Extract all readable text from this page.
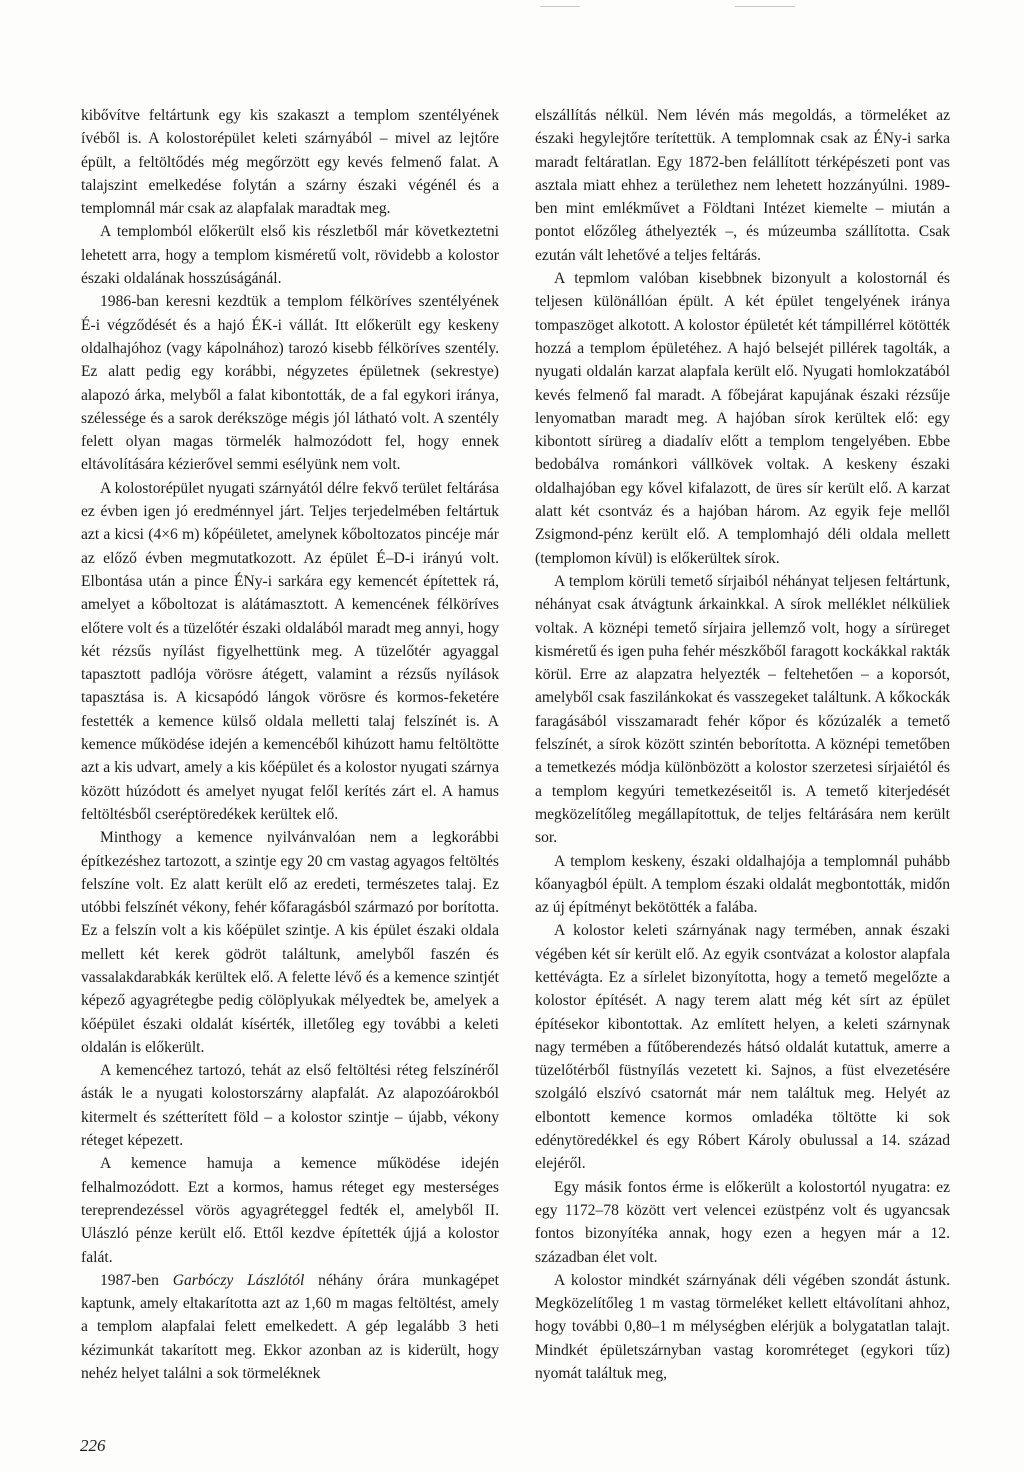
kibővítve feltártunk egy kis szakaszt a templom szentélyének ívéből is. A kolostorépület keleti szárnyából – mivel az lejtőre épült, a feltöltődés még megőrzött egy kevés felmenő falat. A talajszint emelkedése folytán a szárny északi végénél és a templomnál már csak az alapfalak maradtak meg.

A templomból előkerült első kis részletből már következtetni lehetett arra, hogy a templom kisméretű volt, rövidebb a kolostor északi oldalának hosszúságánál.

1986-ban keresni kezdtük a templom félköríves szentélyének É-i végződését és a hajó ÉK-i vállát. Itt előkerült egy keskeny oldalhajóhoz (vagy kápolnához) tarozó kisebb félköríves szentély. Ez alatt pedig egy korábbi, négyzetes épületnek (sekrestye) alapozó árka, melyből a falat kibontották, de a fal egykori iránya, szélessége és a sarok derékszöge mégis jól látható volt. A szentély felett olyan magas törmelék halmozódott fel, hogy ennek eltávolítására kézierővel semmi esélyünk nem volt.

A kolostorépület nyugati szárnyától délre fekvő terület feltárása ez évben igen jó eredménnyel járt. Teljes terjedelmében feltártuk azt a kicsi (4×6 m) kőpéületet, amelynek kőboltozatos pincéje már az előző évben megmutatkozott. Az épület É–D-i irányú volt. Elbontása után a pince ÉNy-i sarkára egy kemencét építettek rá, amelyet a kőboltozat is alátámasztott. A kemencének félköríves előtere volt és a tüzelőtér északi oldalából maradt meg annyi, hogy két rézsűs nyílást figyelhettünk meg. A tüzelőtér agyaggal tapasztott padlója vörösre átégett, valamint a rézsűs nyílások tapasztása is. A kicsapódó lángok vörösre és kormos-feketére festették a kemence külső oldala melletti talaj felszínét is. A kemence működése idején a kemencéből kihúzott hamu feltöltötte azt a kis udvart, amely a kis kőépület és a kolostor nyugati szárnya között húzódott és amelyet nyugat felől kerítés zárt el. A hamus feltöltésből cseréptöredékek kerültek elő.

Minthogy a kemence nyilvánvalóan nem a legkorábbi építkezéshez tartozott, a szintje egy 20 cm vastag agyagos feltöltés felszíne volt. Ez alatt került elő az eredeti, természetes talaj. Ez utóbbi felszínét vékony, fehér kőfaragásból származó por borította. Ez a felszín volt a kis kőépület szintje. A kis épület északi oldala mellett két kerek gödröt találtunk, amelyből faszén és vassalakdarabkák kerültek elő. A felette lévő és a kemence szintjét képező agyagrétegbe pedig cölöplyukak mélyedtek be, amelyek a kőépület északi oldalát kísérték, illetőleg egy további a keleti oldalán is előkerült.

A kemencéhez tartozó, tehát az első feltöltési réteg felszínéről ásták le a nyugati kolostorszárny alapfalát. Az alapozóárokból kitermelt és szétterített föld – a kolostor szintje – újabb, vékony réteget képezett.

A kemence hamuja a kemence működése idején felhalmozódott. Ezt a kormos, hamus réteget egy mesterséges tereprendezéssel vörös agyagréteggel fedték el, amelyből II. Ulászló pénze került elő. Ettől kezdve építették újjá a kolostor falát.

1987-ben Garbóczy Lászlótól néhány órára munkagépet kaptunk, amely eltakarította azt az 1,60 m magas feltöltést, amely a templom alapfalai felett emelkedett. A gép legalább 3 heti kézimunkát takarított meg. Ekkor azonban az is kiderült, hogy nehéz helyet találni a sok törmeléknek

elszállítás nélkül. Nem lévén más megoldás, a törmeléket az északi hegylejtőre terítettük. A templomnak csak az ÉNy-i sarka maradt feltáratlan. Egy 1872-ben felállított térképészeti pont vas asztala miatt ehhez a területhez nem lehetett hozzányúlni. 1989-ben mint emlékművet a Földtani Intézet kiemelte – miután a pontot előzőleg áthelyezték –, és múzeumba szállította. Csak ezután vált lehetővé a teljes feltárás.

A tepmlom valóban kisebbnek bizonyult a kolostornál és teljesen különállóan épült. A két épület tengelyének iránya tompaszöget alkotott. A kolostor épületét két támpillérrel kötötték hozzá a templom épületéhez. A hajó belsejét pillérek tagolták, a nyugati oldalán karzat alapfala került elő. Nyugati homlokzatából kevés felmenő fal maradt. A főbejárat kapujának északi rézsűje lenyomatban maradt meg. A hajóban sírok kerültek elő: egy kibontott sírüreg a diadalív előtt a templom tengelyében. Ebbe bedobálva románkori vállkövek voltak. A keskeny északi oldalhajóban egy kővel kifalazott, de üres sír került elő. A karzat alatt két csontváz és a hajóban három. Az egyik feje mellől Zsigmond-pénz került elő. A templomhajó déli oldala mellett (templomon kívül) is előkerültek sírok.

A templom körüli temető sírjaiból néhányat teljesen feltártunk, néhányat csak átvágtunk árkainkkal. A sírok melléklet nélküliek voltak. A köznépi temető sírjaira jellemző volt, hogy a sírüreget kisméretű és igen puha fehér mészkőből faragott kockákkal rakták körül. Erre az alapzatra helyezték – feltehetően – a koporsót, amelyből csak faszilánkokat és vasszegeket találtunk. A kőkockák faragásából visszamaradt fehér kőpor és kőzúzalék a temető felszínét, a sírok között szintén beborította. A köznépi temetőben a temetkezés módja különbözött a kolostor szerzetesi sírjaiétól és a templom kegyúri temetkezéseitől is. A temető kiterjedését megközelítőleg megállapítottuk, de teljes feltárására nem került sor.

A templom keskeny, északi oldalhajója a templomnál puhább kőanyagból épült. A templom északi oldalát megbontották, midőn az új építményt bekötötték a falába.

A kolostor keleti szárnyának nagy termében, annak északi végében két sír került elő. Az egyik csontvázat a kolostor alapfala kettévágta. Ez a sírlelet bizonyította, hogy a temető megelőzte a kolostor építését. A nagy terem alatt még két sírt az épület építésekor kibontottak. Az említett helyen, a keleti szárnynak nagy termében a fűtőberendezés hátsó oldalát kutattuk, amerre a tüzelőtérből füstnyílás vezetett ki. Sajnos, a füst elvezetésére szolgáló elszívó csatornát már nem találtuk meg. Helyét az elbontott kemence kormos omladéka töltötte ki sok edénytöredékkel és egy Róbert Károly obulussal a 14. század elejéről.

Egy másik fontos érme is előkerült a kolostortól nyugatra: ez egy 1172–78 között vert velencei ezüstpénz volt és ugyancsak fontos bizonyítéka annak, hogy ezen a hegyen már a 12. században élet volt.

A kolostor mindkét szárnyának déli végében szondát ástunk. Megközelítőleg 1 m vastag törmeléket kellett eltávolítani ahhoz, hogy további 0,80–1 m mélységben elérjük a bolygatatlan talajt. Mindkét épületszárnyban vastag koromréteget (egykori tűz) nyomát találtuk meg,

226
